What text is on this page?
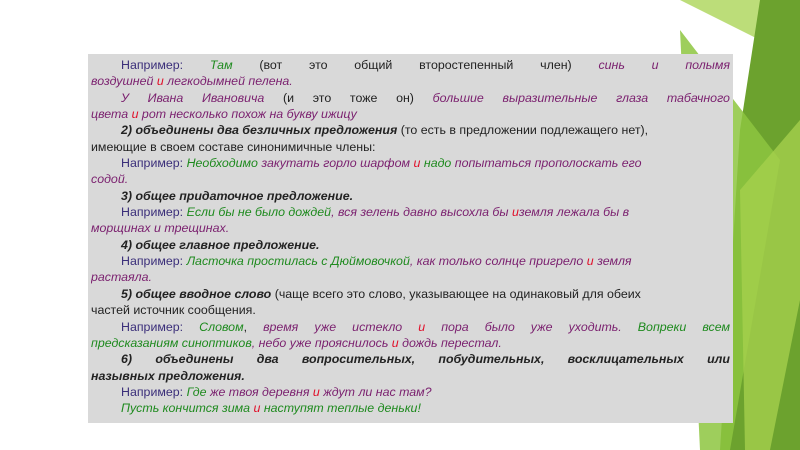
Например: Там (вот это общий второстепенный член) синь и полымя
воздушней и легкодымней пелена.
У Ивана Ивановича (и это тоже он) большие выразительные глаза табачного
цвета и рот несколько похож на букву ижицу
2) объединены два безличных предложения (то есть в предложении подлежащего нет),
имеющие в своем составе синонимичные члены:
Например: Необходимо закутать горло шарфом и надо попытаться прополоскать его
содой.
3) общее придаточное предложение.
Например: Если бы не было дождей, вся зелень давно высохла бы иземля лежала бы в
морщинах и трещинах.
4) общее главное предложение.
Например: Ласточка простилась с Дюймовочкой, как только солнце пригрело и земля
растаяла.
5) общее вводное слово (чаще всего это слово, указывающее на одинаковый для обеих
частей источник сообщения.
Например: Словом, время уже истекло и пора было уже уходить. Вопреки всем
предсказаниям синоптиков, небо уже прояснилось и дождь перестал.
6) объединены два вопросительных, побудительных, восклицательных или
назывных предложения.
Например: Где же твоя деревня и ждут ли нас там?
Пусть кончится зима и наступят теплые деньки!
